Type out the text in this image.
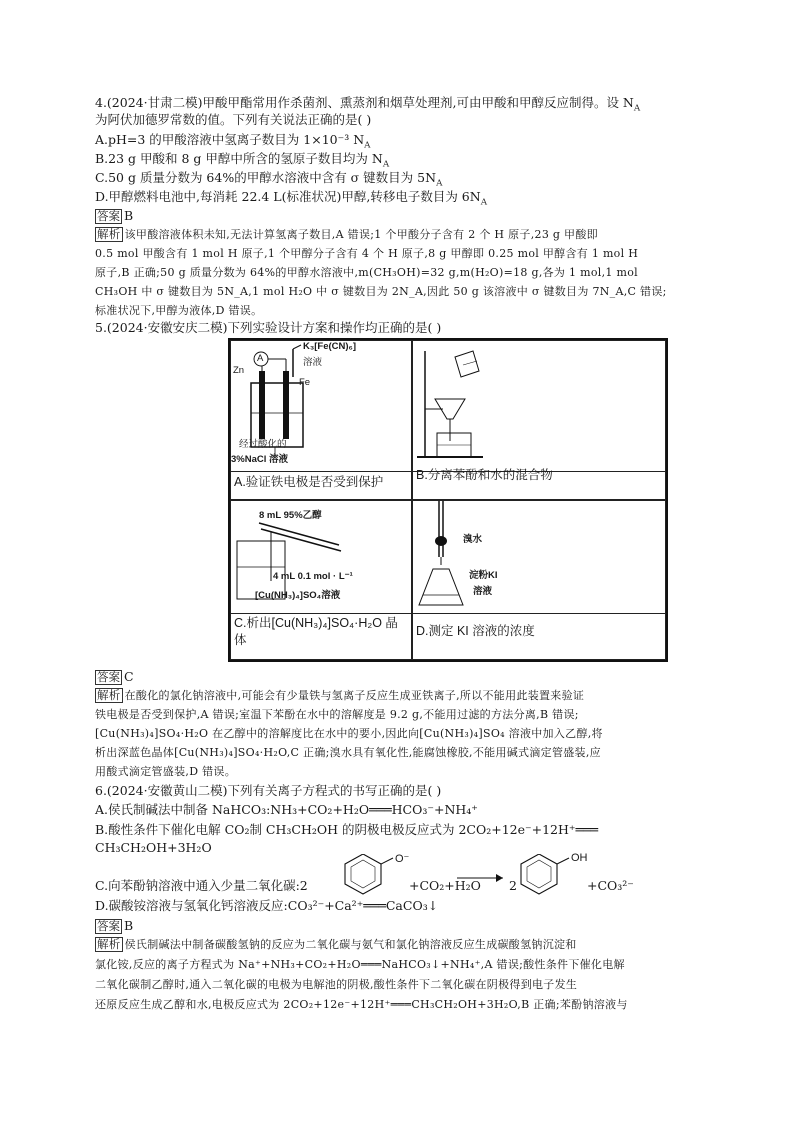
4.(2024·甘肃二模)甲酸甲酯常用作杀菌剂、熏蒸剂和烟草处理剂,可由甲酸和甲醇反应制得。设 $N_A$
为阿伏加德罗常数的值。下列有关说法正确的是( )
A.pH=3 的甲酸溶液中氢离子数目为 1×10⁻³ $N_A$
B.23 g 甲酸和 8 g 甲醇中所含的氢原子数目均为 $N_A$
C.50 g 质量分数为 64%的甲醇水溶液中含有 σ 键数目为 $5N_A$
D.甲醇燃料电池中,每消耗 22.4 L(标准状况)甲醇,转移电子数目为 $6N_A$
答案 B
解析 该甲酸溶液体积未知,无法计算氢离子数目,A 错误;1 个甲酸分子含有 2 个 H 原子,23 g 甲酸即
0.5 mol 甲酸含有 1 mol H 原子,1 个甲醇分子含有 4 个 H 原子,8 g 甲醇即 0.25 mol 甲醇含有 1 mol H
原子,B 正确;50 g 质量分数为 64%的甲醇水溶液中,m(CH₃OH)=32 g,m(H₂O)=18 g,各为 1 mol,1 mol
CH₃OH 中 σ 键数目为 5N_A,1 mol H₂O 中 σ 键数目为 2N_A,因此 50 g 该溶液中 σ 键数目为 7N_A,C 错误;
标准状况下,甲醇为液体,D 错误。
5.(2024·安徽安庆二模)下列实验设计方案和操作均正确的是( )
A
K₃[Fe(CN)₆]
溶液
Zn
Fe
经过酸化的
3%NaCl 溶液
A.验证铁电极是否受到保护	B.分离苯酚和水的混合物
8 mL 95%乙醇
4 mL 0.1 mol · L⁻¹
[Cu(NH₃)₄]SO₄溶液
C.析出[Cu(NH₃)₄]SO₄·H₂O 晶体
溴水
淀粉KI
溶液
D.测定 KI 溶液的浓度
答案 C
解析 在酸化的氯化钠溶液中,可能会有少量铁与氢离子反应生成亚铁离子,所以不能用此装置来验证
铁电极是否受到保护,A 错误;室温下苯酚在水中的溶解度是 9.2 g,不能用过滤的方法分离,B 错误;
[Cu(NH₃)₄]SO₄·H₂O 在乙醇中的溶解度比在水中的要小,因此向[Cu(NH₃)₄]SO₄ 溶液中加入乙醇,将
析出深蓝色晶体[Cu(NH₃)₄]SO₄·H₂O,C 正确;溴水具有氧化性,能腐蚀橡胶,不能用碱式滴定管盛装,应
用酸式滴定管盛装,D 错误。
6.(2024·安徽黄山二模)下列有关离子方程式的书写正确的是( )
A.侯氏制碱法中制备 NaHCO₃:NH₃+CO₂+H₂O═══HCO₃⁻+NH₄⁺
B.酸性条件下催化电解 CO₂制 CH₃CH₂OH 的阴极电极反应式为 2CO₂+12e⁻+12H⁺═══
CH₃CH₂OH+3H₂O
C.向苯酚钠溶液中通入少量二氧化碳:2
O⁻
+CO₂+H₂O 2
OH
+CO₃²⁻
D.碳酸铵溶液与氢氧化钙溶液反应:CO₃²⁻+Ca²⁺═══CaCO₃↓
答案 B
解析 侯氏制碱法中制备碳酸氢钠的反应为二氧化碳与氨气和氯化钠溶液反应生成碳酸氢钠沉淀和
氯化铵,反应的离子方程式为 Na⁺+NH₃+CO₂+H₂O═══NaHCO₃↓+NH₄⁺,A 错误;酸性条件下催化电解
二氧化碳制乙醇时,通入二氧化碳的电极为电解池的阴极,酸性条件下二氧化碳在阴极得到电子发生
还原反应生成乙醇和水,电极反应式为 2CO₂+12e⁻+12H⁺═══CH₃CH₂OH+3H₂O,B 正确;苯酚钠溶液与
